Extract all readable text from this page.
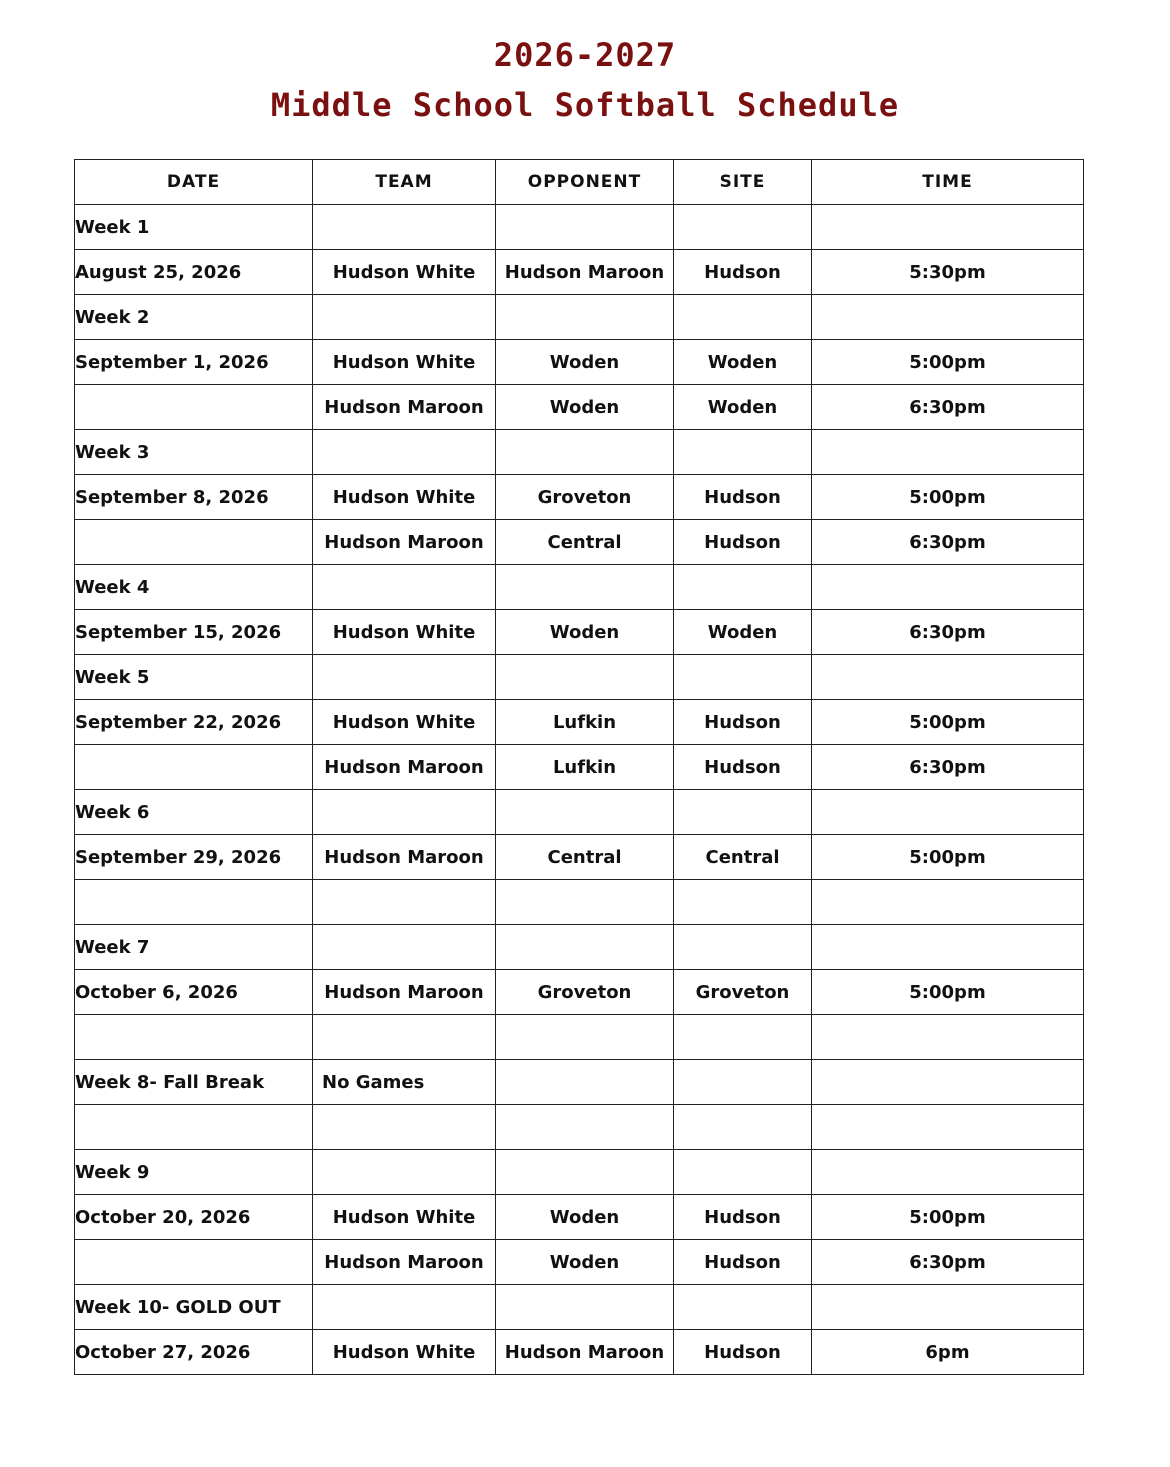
2026-2027
Middle School Softball Schedule
DATE	TEAM	OPPONENT	SITE	TIME
Week 1				
August 25, 2026	Hudson White	Hudson Maroon	Hudson	5:30pm
Week 2				
September 1, 2026	Hudson White	Woden	Woden	5:00pm
	Hudson Maroon	Woden	Woden	6:30pm
Week 3				
September 8, 2026	Hudson White	Groveton	Hudson	5:00pm
	Hudson Maroon	Central	Hudson	6:30pm
Week 4				
September 15, 2026	Hudson White	Woden	Woden	6:30pm
Week 5				
September 22, 2026	Hudson White	Lufkin	Hudson	5:00pm
	Hudson Maroon	Lufkin	Hudson	6:30pm
Week 6				
September 29, 2026	Hudson Maroon	Central	Central	5:00pm

Week 7				
October 6, 2026	Hudson Maroon	Groveton	Groveton	5:00pm

Week 8- Fall Break	No Games			

Week 9				
October 20, 2026	Hudson White	Woden	Hudson	5:00pm
	Hudson Maroon	Woden	Hudson	6:30pm
Week 10- GOLD OUT				
October 27, 2026	Hudson White	Hudson Maroon	Hudson	6pm
